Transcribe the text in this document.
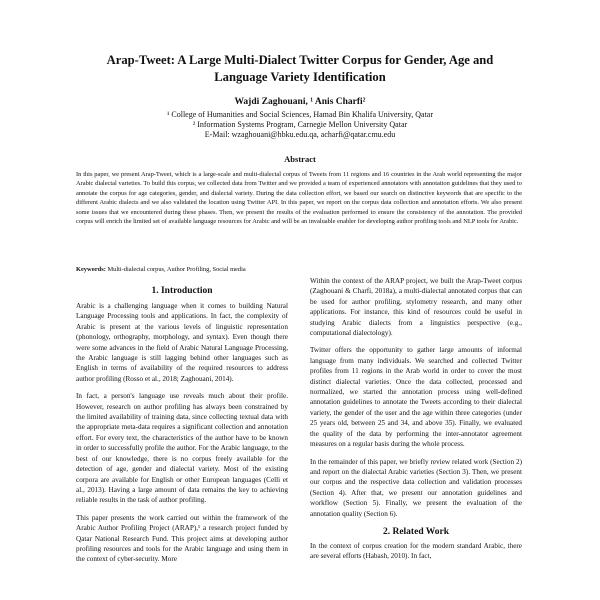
Arap-Tweet: A Large Multi-Dialect Twitter Corpus for Gender, Age and Language Variety Identification

Wajdi Zaghouani, ¹ Anis Charfi²

¹ College of Humanities and Social Sciences, Hamad Bin Khalifa University, Qatar

² Information Systems Program, Carnegie Mellon University Qatar

E-Mail: wzaghouani@hbku.edu.qa, acharfi@qatar.cmu.edu

Abstract

In this paper, we present Arap-Tweet, which is a large-scale and multi-dialectal corpus of Tweets from 11 regions and 16 countries in the Arab world representing the major Arabic dialectal varieties. To build this corpus, we collected data from Twitter and we provided a team of experienced annotators with annotation guidelines that they used to annotate the corpus for age categories, gender, and dialectal variety. During the data collection effort, we based our search on distinctive keywords that are specific to the different Arabic dialects and we also validated the location using Twitter API. In this paper, we report on the corpus data collection and annotation efforts. We also present some issues that we encountered during these phases. Then, we present the results of the evaluation performed to ensure the consistency of the annotation. The provided corpus will enrich the limited set of available language resources for Arabic and will be an invaluable enabler for developing author profiling tools and NLP tools for Arabic.

Keywords: Multi-dialectal corpus, Author Profiling, Social media

1. Introduction

Arabic is a challenging language when it comes to building Natural Language Processing tools and applications. In fact, the complexity of Arabic is present at the various levels of linguistic representation (phonology, orthography, morphology, and syntax). Even though there were some advances in the field of Arabic Natural Language Processing, the Arabic language is still lagging behind other languages such as English in terms of availability of the required resources to address author profiling (Rosso et al., 2018; Zaghouani, 2014).

In fact, a person's language use reveals much about their profile. However, research on author profiling has always been constrained by the limited availability of training data, since collecting textual data with the appropriate meta-data requires a significant collection and annotation effort. For every text, the characteristics of the author have to be known in order to successfully profile the author. For the Arabic language, to the best of our knowledge, there is no corpus freely available for the detection of age, gender and dialectal variety. Most of the existing corpora are available for English or other European languages (Celli et al., 2013). Having a large amount of data remains the key to achieving reliable results in the task of author profiling.

This paper presents the work carried out within the framework of the Arabic Author Profiling Project (ARAP),¹ a research project funded by Qatar National Research Fund. This project aims at developing author profiling resources and tools for the Arabic language and using them in the context of cyber-security. More

Within the context of the ARAP project, we built the Arap-Tweet corpus (Zaghouani & Charfi, 2018a), a multi-dialectal annotated corpus that can be used for author profiling, stylometry research, and many other applications. For instance, this kind of resources could be useful in studying Arabic dialects from a linguistics perspective (e.g., computational dialectology).

Twitter offers the opportunity to gather large amounts of informal language from many individuals. We searched and collected Twitter profiles from 11 regions in the Arab world in order to cover the most distinct dialectal varieties. Once the data collected, processed and normalized, we started the annotation process using well-defined annotation guidelines to annotate the Tweets according to their dialectal variety, the gender of the user and the age within three categories (under 25 years old, between 25 and 34, and above 35). Finally, we evaluated the quality of the data by performing the inter-annotator agreement measures on a regular basis during the whole process.

In the remainder of this paper, we briefly review related work (Section 2) and report on the dialectal Arabic varieties (Section 3). Then, we present our corpus and the respective data collection and validation processes (Section 4). After that, we present our annotation guidelines and workflow (Section 5). Finally, we present the evaluation of the annotation quality (Section 6).

2. Related Work

In the context of corpus creation for the modern standard Arabic, there are several efforts (Habash, 2010). In fact,
